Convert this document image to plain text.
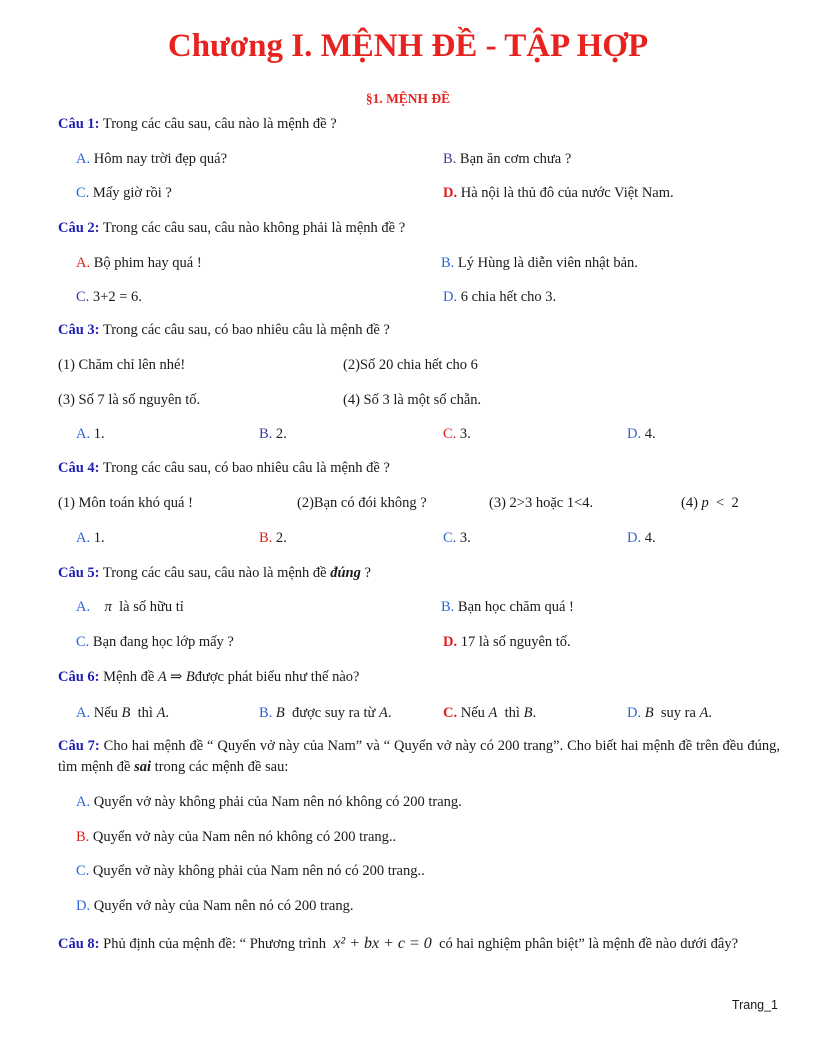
Chương I. MỆNH ĐỀ - TẬP HỢP
§1. MỆNH ĐỀ
Câu 1: Trong các câu sau, câu nào là mệnh đề ?
A. Hôm nay trời đẹp quá?	B. Bạn ăn cơm chưa ?
C. Mấy giờ rồi ?	D. Hà nội là thủ đô của nước Việt Nam.
Câu 2: Trong các câu sau, câu nào không phải là mệnh đề ?
A. Bộ phim hay quá !	B. Lý Hùng là diễn viên nhật bản.
C. 3+2 = 6.	D. 6 chia hết cho 3.
Câu 3: Trong các câu sau, có bao nhiêu câu là mệnh đề ?
(1) Chăm chỉ lên nhé!	(2)Số 20 chia hết cho 6
(3) Số 7 là số nguyên tố.	(4) Số 3 là một số chẵn.
A. 1.	B. 2.	C. 3.	D. 4.
Câu 4: Trong các câu sau, có bao nhiêu câu là mệnh đề ?
(1) Môn toán khó quá !	(2)Bạn có đói không ?	(3) 2>3 hoặc 1<4.	(4) p < 2
A. 1.	B. 2.	C. 3.	D. 4.
Câu 5: Trong các câu sau, câu nào là mệnh đề đúng ?
A. π là số hữu tỉ	B. Bạn học chăm quá !
C. Bạn đang học lớp mấy ?	D. 17 là số nguyên tố.
Câu 6: Mệnh đề A ⇒ Bđược phát biểu như thế nào?
A. Nếu B thì A.	B. B được suy ra từ A.	C. Nếu A thì B.	D. B suy ra A.
Câu 7: Cho hai mệnh đề “ Quyển vở này của Nam” và “ Quyển vở này có 200 trang”. Cho biết hai mệnh đề trên đều đúng, tìm mệnh đề sai trong các mệnh đề sau:
A. Quyển vở này không phải của Nam nên nó không có 200 trang.
B. Quyển vở này của Nam nên nó không có 200 trang..
C. Quyển vở này không phải của Nam nên nó có 200 trang..
D. Quyển vở này của Nam nên nó có 200 trang.
Câu 8: Phủ định của mệnh đề: “ Phương trình x² + bx + c = 0 có hai nghiệm phân biệt” là mệnh đề nào dưới đây?
Trang_1
